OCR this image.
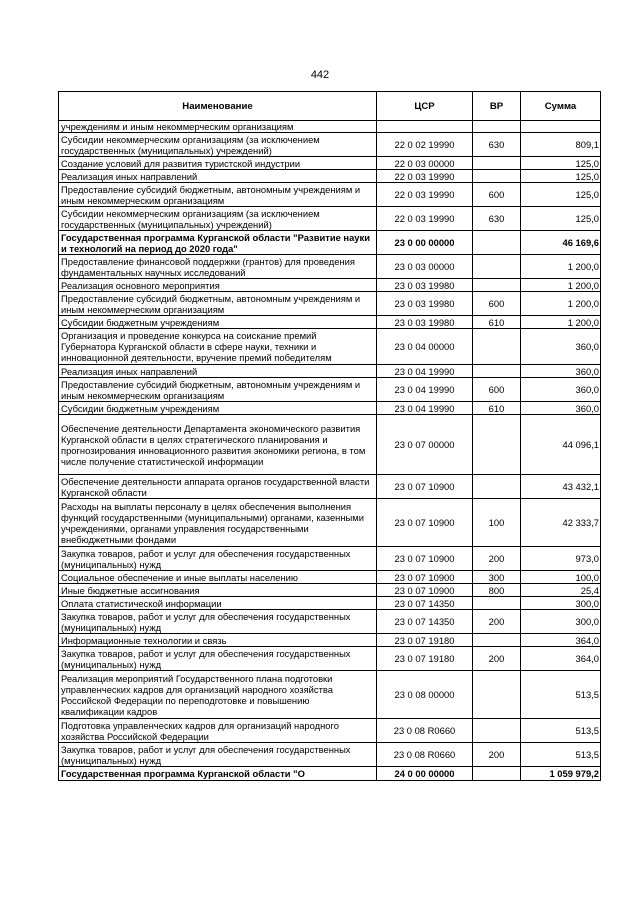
442
Наименование	ЦСР	ВР	Сумма
учреждениям и иным некоммерческим организациям			
Субсидии некоммерческим организациям (за исключением государственных (муниципальных) учреждений)	22 0 02 19990	630	809,1
Создание условий для развития туристской индустрии	22 0 03 00000		125,0
Реализация иных направлений	22 0 03 19990		125,0
Предоставление субсидий бюджетным, автономным учреждениям и иным некоммерческим организациям	22 0 03 19990	600	125,0
Субсидии некоммерческим организациям (за исключением государственных (муниципальных) учреждений)	22 0 03 19990	630	125,0
Государственная программа Курганской области "Развитие науки и технологий на период до 2020 года"	23 0 00 00000		46 169,6
Предоставление финансовой поддержки (грантов) для проведения фундаментальных научных исследований	23 0 03 00000		1 200,0
Реализация основного мероприятия	23 0 03 19980		1 200,0
Предоставление субсидий бюджетным, автономным учреждениям и иным некоммерческим организациям	23 0 03 19980	600	1 200,0
Субсидии бюджетным учреждениям	23 0 03 19980	610	1 200,0
Организация и проведение конкурса на соискание премий Губернатора Курганской области в сфере науки, техники и инновационной деятельности, вручение премий победителям	23 0 04 00000		360,0
Реализация иных направлений	23 0 04 19990		360,0
Предоставление субсидий бюджетным, автономным учреждениям и иным некоммерческим организациям	23 0 04 19990	600	360,0
Субсидии бюджетным учреждениям	23 0 04 19990	610	360,0
Обеспечение деятельности Департамента экономического развития Курганской области в целях стратегического планирования и прогнозирования инновационного развития экономики региона, в том числе получение статистической информации	23 0 07 00000		44 096,1
Обеспечение деятельности аппарата органов государственной власти Курганской области	23 0 07 10900		43 432,1
Расходы на выплаты персоналу в целях обеспечения выполнения функций государственными (муниципальными) органами, казенными учреждениями, органами управления государственными внебюджетными фондами	23 0 07 10900	100	42 333,7
Закупка товаров, работ и услуг для обеспечения государственных (муниципальных) нужд	23 0 07 10900	200	973,0
Социальное обеспечение и иные выплаты населению	23 0 07 10900	300	100,0
Иные бюджетные ассигнования	23 0 07 10900	800	25,4
Оплата статистической информации	23 0 07 14350		300,0
Закупка товаров, работ и услуг для обеспечения государственных (муниципальных) нужд	23 0 07 14350	200	300,0
Информационные технологии и связь	23 0 07 19180		364,0
Закупка товаров, работ и услуг для обеспечения государственных (муниципальных) нужд	23 0 07 19180	200	364,0
Реализация мероприятий Государственного плана подготовки управленческих кадров для организаций народного хозяйства Российской Федерации по переподготовке и повышению квалификации кадров	23 0 08 00000		513,5
Подготовка управленческих кадров для организаций народного хозяйства Российской Федерации	23 0 08 R0660		513,5
Закупка товаров, работ и услуг для обеспечения государственных (муниципальных) нужд	23 0 08 R0660	200	513,5
Государственная программа Курганской области "О	24 0 00 00000		1 059 979,2
